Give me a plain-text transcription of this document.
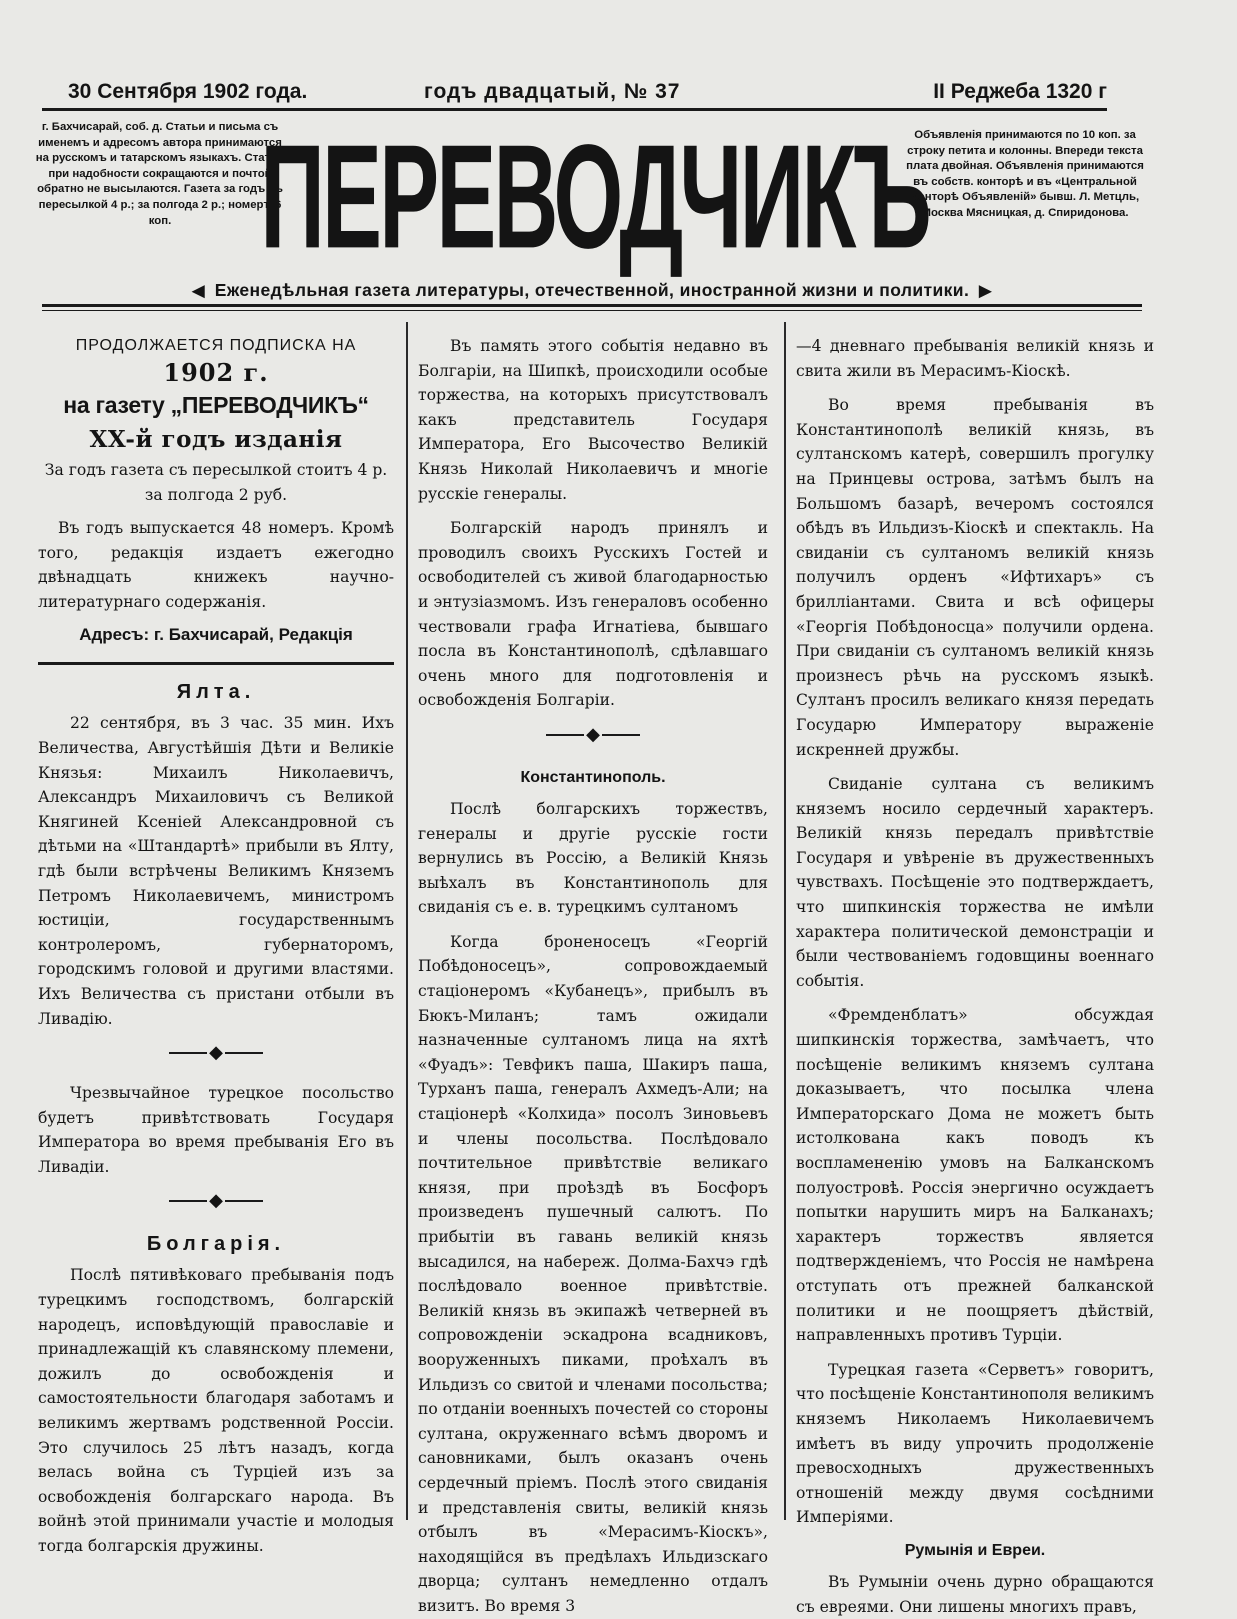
30 Сентября 1902 года.	годъ двадцатый, № 37	II Реджеба 1320 г
г. Бахчисарай, соб. д. Статьи и письма съ именемъ и адресомъ автора принимаются на русскомъ и татарскомъ языкахъ. Статьи при надобности сокращаются и почтой обратно не высылаются. Газета за годъ съ пересылкой 4 р.; за полгода 2 р.; номеръ 6 коп. ПЕРЕВОДЧИКЪ
Объявленія принимаются по 10 коп. за строку петита и колонны. Впереди текста плата двойная. Объявленія принимаются въ собств. конторѣ и въ «Центральной Конторѣ Объявленій» бывш. Л. Метцль, Москва Мясницкая, д. Спиридонова.
◄ Еженедѣльная газета литературы, отечественной, иностранной жизни и политики. ►
ПРОДОЛЖАЕТСЯ ПОДПИСКА НА
1902 г.
на газету „ПЕРЕВОДЧИКЪ“
XX-й годъ изданія
За годъ газета съ пересылкой стоитъ 4 р.
за полгода 2 руб.

Въ годъ выпускается 48 номеръ. Кромѣ того, редакція издаетъ ежегодно двѣнадцать книжекъ научно-литературнаго содержанія.

Адресъ: г. Бахчисарай, Редакція
Ялта.

22 сентября, въ 3 час. 35 мин. Ихъ Величества, Августѣйшія Дѣти и Великіе Князья: Михаилъ Николаевичъ, Александръ Михаиловичъ съ Великой Княгиней Ксеніей Александровной съ дѣтьми на «Штандартѣ» прибыли въ Ялту, гдѣ были встрѣчены Великимъ Княземъ Петромъ Николаевичемъ, министромъ юстиціи, государственнымъ контролеромъ, губернаторомъ, городскимъ головой и другими властями. Ихъ Величества съ пристани отбыли въ Ливадію.

◆

Чрезвычайное турецкое посольство будетъ привѣтствовать Государя Императора во время пребыванія Его въ Ливадіи.

◆
Болгарія.

Послѣ пятивѣковаго пребыванія подъ турецкимъ господствомъ, болгарскій народецъ, исповѣдующій православіе и принадлежащій къ славянскому племени, дожилъ до освобожденія и самостоятельности благодаря заботамъ и великимъ жертвамъ родственной Россіи. Это случилось 25 лѣтъ назадъ, когда велась война съ Турціей изъ за освобожденія болгарскаго народа. Въ войнѣ этой принимали участіе и молодыя тогда болгарскія дружины.

Въ память этого событія недавно въ Болгаріи, на Шипкѣ, происходили особые торжества, на которыхъ присутствовалъ какъ представитель Государя Императора, Его Высочество Великій Князь Николай Николаевичъ и многіе русскіе генералы.

Болгарскій народъ принялъ и проводилъ своихъ Русскихъ Гостей и освободителей съ живой благодарностью и энтузіазмомъ. Изъ генераловъ особенно чествовали графа Игнатіева, бывшаго посла въ Константинополѣ, сдѣлавшаго очень много для подготовленія и освобожденія Болгаріи.

◆
Константинополь.

Послѣ болгарскихъ торжествъ, генералы и другіе русскіе гости вернулись въ Россію, а Великій Князь выѣхалъ въ Константинополь для свиданія съ е. в. турецкимъ султаномъ

Когда броненосецъ «Георгій Побѣдоносецъ», сопровождаемый стаціонеромъ «Кубанецъ», прибылъ въ Бюкъ-Миланъ; тамъ ожидали назначенные султаномъ лица на яхтѣ «Фуадъ»: Тевфикъ паша, Шакиръ паша, Турханъ паша, генералъ Ахмедъ-Али; на стаціонерѣ «Колхида» посолъ Зиновьевъ и члены посольства. Послѣдовало почтительное привѣтствіе великаго князя, при проѣздѣ въ Босфоръ произведенъ пушечный салютъ. По прибытіи въ гавань великій князь высадился, на набереж. Долма-Бахчэ гдѣ послѣдовало военное привѣтствіе. Великій князь въ экипажѣ четверней въ сопровожденіи эскадрона всадниковъ, вооруженныхъ пиками, проѣхалъ въ Ильдизъ со свитой и членами посольства; по отданіи военныхъ почестей со стороны султана, окруженнаго всѣмъ дворомъ и сановниками, былъ оказанъ очень сердечный пріемъ. Послѣ этого свиданія и представленія свиты, великій князь отбылъ въ «Мерасимъ-Кіоскъ», находящійся въ предѣлахъ Ильдизскаго дворца; султанъ немедленно отдалъ визитъ. Во время 3

—4 дневнаго пребыванія великій князь и свита жили въ Мерасимъ-Кіоскѣ.

Во время пребыванія въ Константинополѣ великій князь, въ султанскомъ катерѣ, совершилъ прогулку на Принцевы острова, затѣмъ былъ на Большомъ базарѣ, вечеромъ состоялся обѣдъ въ Ильдизъ-Кіоскѣ и спектакль. На свиданіи съ султаномъ великій князь получилъ орденъ «Ифтихаръ» съ бриллiантами. Свита и всѣ офицеры «Георгія Побѣдоносца» получили ордена. При свиданіи съ султаномъ великій князь произнесъ рѣчь на русскомъ языкѣ. Султанъ просилъ великаго князя передать Государю Императору выраженіе искренней дружбы.

Свиданіе султана съ великимъ княземъ носило сердечный характеръ. Великій князь передалъ привѣтствіе Государя и увѣреніе въ дружественныхъ чувствахъ. Посѣщеніе это подтверждаетъ, что шипкинскія торжества не имѣли характера политической демонстраціи и были чествованіемъ годовщины военнаго событія.

«Фремденблатъ» обсуждая шипкинскія торжества, замѣчаетъ, что посѣщеніе великимъ княземъ султана доказываетъ, что посылка члена Императорскаго Дома не можетъ быть истолкована какъ поводъ къ воспламененію умовъ на Балканскомъ полуостровѣ. Россія энергично осуждаетъ попытки нарушить миръ на Балканахъ; характеръ торжествъ является подтвержденіемъ, что Россія не намѣрена отступать отъ прежней балканской политики и не поощряетъ дѣйствій, направленныхъ противъ Турціи.

Турецкая газета «Серветъ» говоритъ, что посѣщеніе Константинополя великимъ княземъ Николаемъ Николаевичемъ имѣетъ въ виду упрочить продолженіе превосходныхъ дружественныхъ отношеній между двумя сосѣдними Имперіями.

Румынія и Евреи.

Въ Румыніи очень дурно обращаются съ евреями. Они лишены многихъ правъ,
